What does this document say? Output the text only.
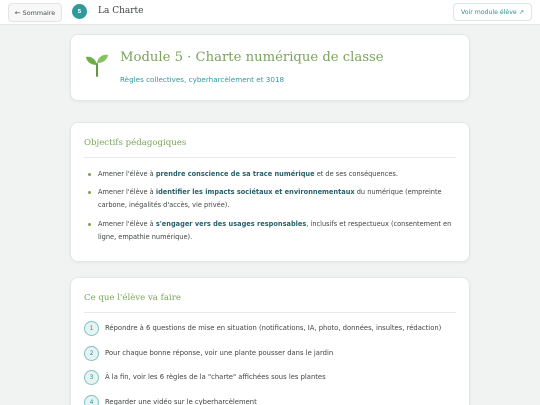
← Sommaire	5	La Charte	Voir module élève ↗
Module 5 · Charte numérique de classe
Règles collectives, cyberharcèlement et 3018
Objectifs pédagogiques
Amener l'élève à prendre conscience de sa trace numérique et de ses conséquences.
Amener l'élève à identifier les impacts sociétaux et environnementaux du numérique (empreinte carbone, inégalités d'accès, vie privée).
Amener l'élève à s'engager vers des usages responsables, inclusifs et respectueux (consentement en ligne, empathie numérique).
Ce que l'élève va faire
1	Répondre à 6 questions de mise en situation (notifications, IA, photo, données, insultes, rédaction)
2	Pour chaque bonne réponse, voir une plante pousser dans le jardin
3	À la fin, voir les 6 règles de la "charte" affichées sous les plantes
4	Regarder une vidéo sur le cyberharcèlement
